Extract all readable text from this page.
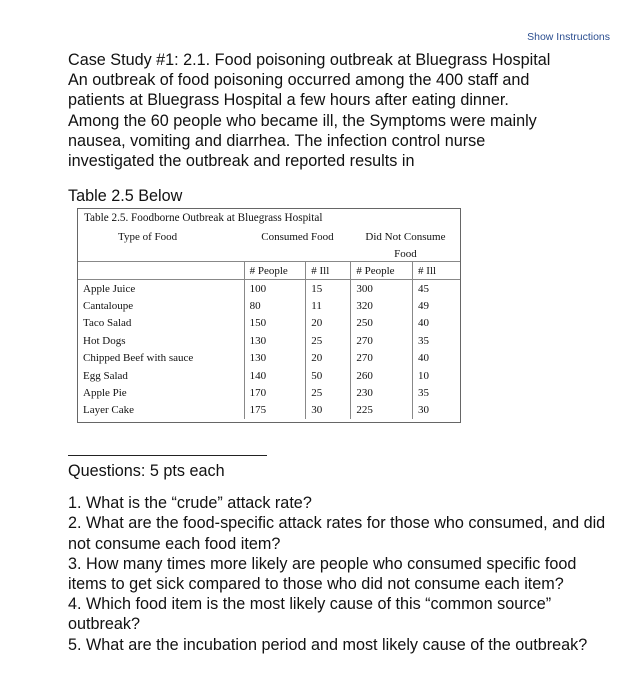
Show Instructions

Case Study #1: 2.1. Food poisoning outbreak at Bluegrass Hospital

An outbreak of food poisoning occurred among the 400 staff and

patients at Bluegrass Hospital a few hours after eating dinner.

Among the 60 people who became ill, the Symptoms were mainly

nausea, vomiting and diarrhea. The infection control nurse

investigated the outbreak and reported results in

Table 2.5 Below
Table 2.5. Foodborne Outbreak at Bluegrass Hospital
Type of Food	Consumed Food		Did Not Consume	
			Food	
	# People	# Ill	# People	# Ill
Apple Juice	100	15	300	45
Cantaloupe	80	11	320	49
Taco Salad	150	20	250	40
Hot Dogs	130	25	270	35
Chipped Beef with sauce	130	20	270	40
Egg Salad	140	50	260	10
Apple Pie	170	25	230	35
Layer Cake	175	30	225	30

Questions: 5 pts each

1. What is the “crude” attack rate?
2. What are the food-specific attack rates for those who consumed, and did not consume each food item?
3. How many times more likely are people who consumed specific food items to get sick compared to those who did not consume each item?
4. Which food item is the most likely cause of this “common source” outbreak?
5. What are the incubation period and most likely cause of the outbreak?
